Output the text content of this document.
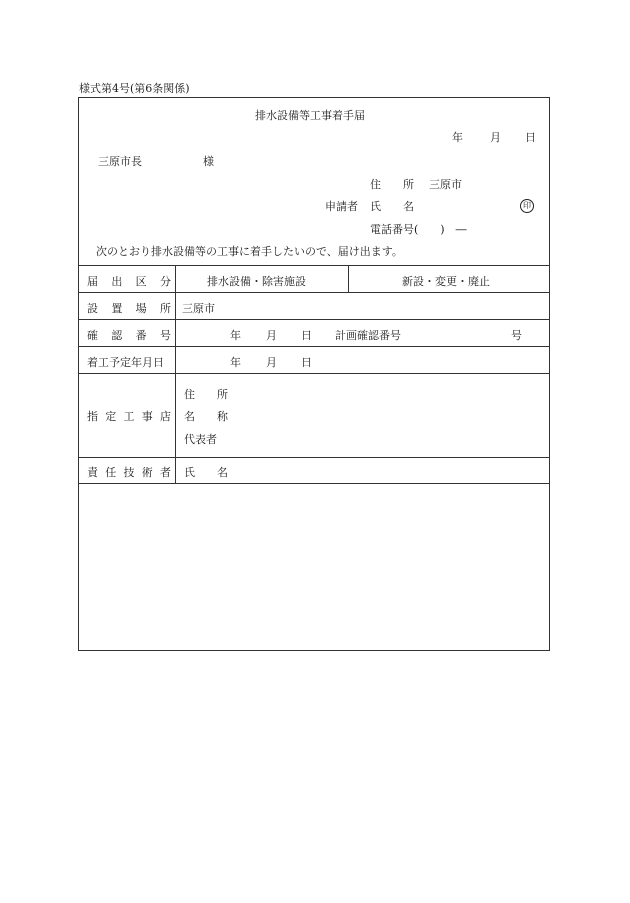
様式第4号(第6条関係)
排水設備等工事着手届
年 月 日
三原市長	様
住　　所 三原市
申請者 氏　　名	印
電話番号(　　)　―
次のとおり排水設備等の工事に着手したいので、届け出ます。
届 出 区 分	排水設備・除害施設	新設・変更・廃止
設 置 場 所 三原市
確 認 番 号	年 月 日 計画確認番号	号
着工予定年月日	年 月 日
指 定 工 事 店
住　　所
名　　称
代表者
責 任 技 術 者 氏　　名
